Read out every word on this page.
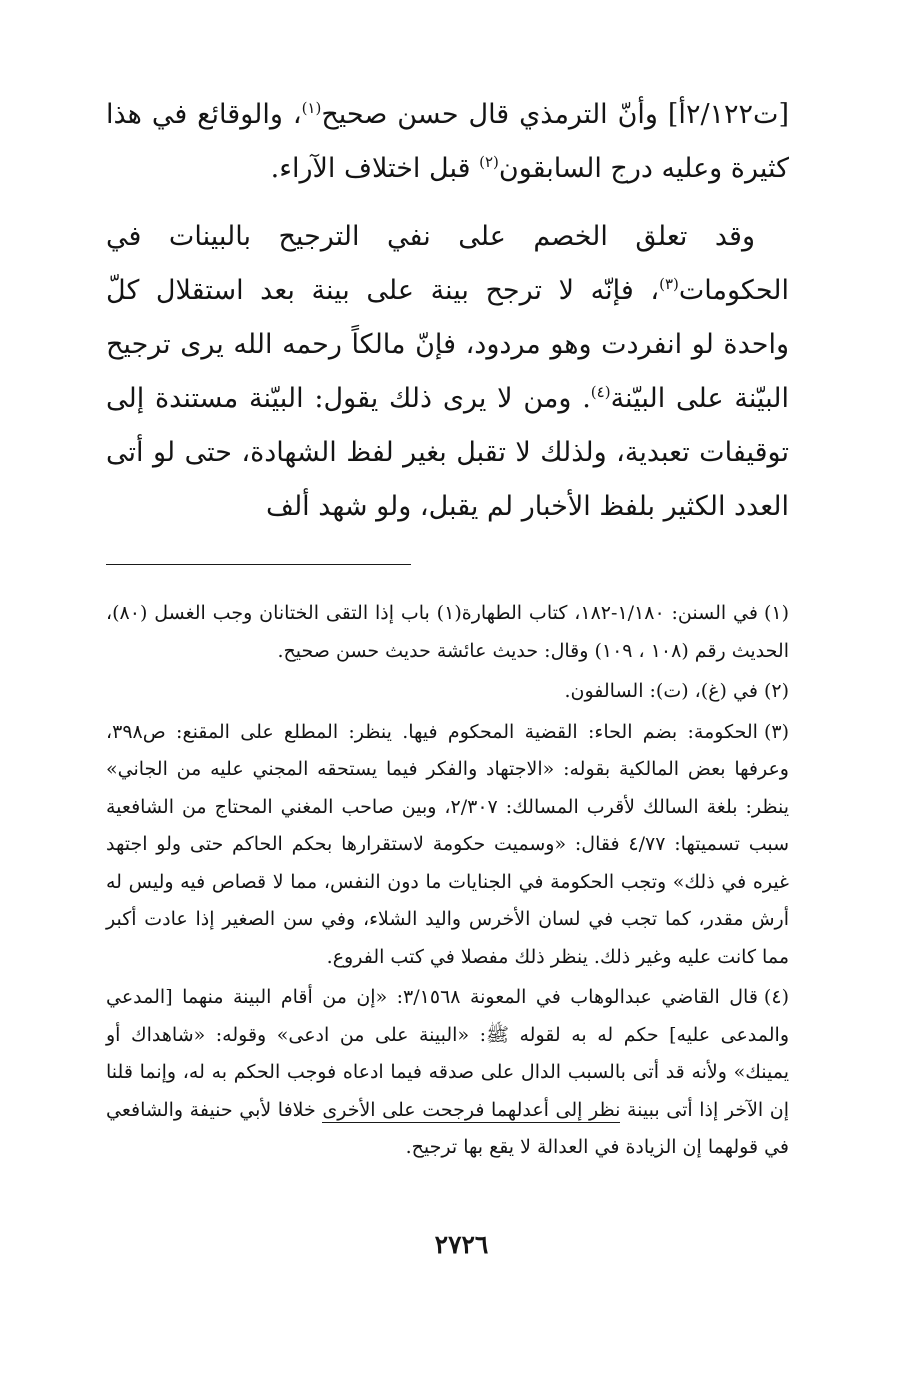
[ت٢/١٢٢أ] وأنّ الترمذي قال حسن صحيح$^{(١)}$، والوقائع في هذا كثيرة وعليه درج السابقون$^{(٢)}$ قبل اختلاف الآراء.

وقد تعلق الخصم على نفي الترجيح بالبينات في الحكومات$^{(٣)}$، فإنّه لا ترجح بينة على بينة بعد استقلال كلّ واحدة لو انفردت وهو مردود، فإنّ مالكاً رحمه الله يرى ترجيح البيّنة على البيّنة$^{(٤)}$. ومن لا يرى ذلك يقول: البيّنة مستندة إلى توقيفات تعبدية، ولذلك لا تقبل بغير لفظ الشهادة، حتى لو أتى العدد الكثير بلفظ الأخبار لم يقبل، ولو شهد ألف

(١)في السنن: ١/١٨٠-١٨٢، كتاب الطهارة(١) باب إذا التقى الختانان وجب الغسل (٨٠)، الحديث رقم (١٠٨ ، ١٠٩) وقال: حديث عائشة حديث حسن صحيح.

(٢)في (غ)، (ت): السالفون.

(٣)الحكومة: بضم الحاء: القضية المحكوم فيها. ينظر: المطلع على المقنع: ص٣٩٨، وعرفها بعض المالكية بقوله: «الاجتهاد والفكر فيما يستحقه المجني عليه من الجاني» ينظر: بلغة السالك لأقرب المسالك: ٢/٣٠٧، وبين صاحب المغني المحتاج من الشافعية سبب تسميتها: ٤/٧٧ فقال: «وسميت حكومة لاستقرارها بحكم الحاكم حتى ولو اجتهد غيره في ذلك» وتجب الحكومة في الجنايات ما دون النفس، مما لا قصاص فيه وليس له أرش مقدر، كما تجب في لسان الأخرس واليد الشلاء، وفي سن الصغير إذا عادت أكبر مما كانت عليه وغير ذلك. ينظر ذلك مفصلا في كتب الفروع.

(٤)قال القاضي عبدالوهاب في المعونة ٣/١٥٦٨: «إن من أقام البينة منهما [المدعي والمدعى عليه] حكم له به لقوله ﷺ: «البينة على من ادعى» وقوله: «شاهداك أو يمينك» ولأنه قد أتى بالسبب الدال على صدقه فيما ادعاه فوجب الحكم به له، وإنما قلنا إن الآخر إذا أتى ببينة نظر إلى أعدلهما فرجحت على الأخرى خلافا لأبي حنيفة والشافعي في قولهما إن الزيادة في العدالة لا يقع بها ترجيح.

٢٧٢٦
